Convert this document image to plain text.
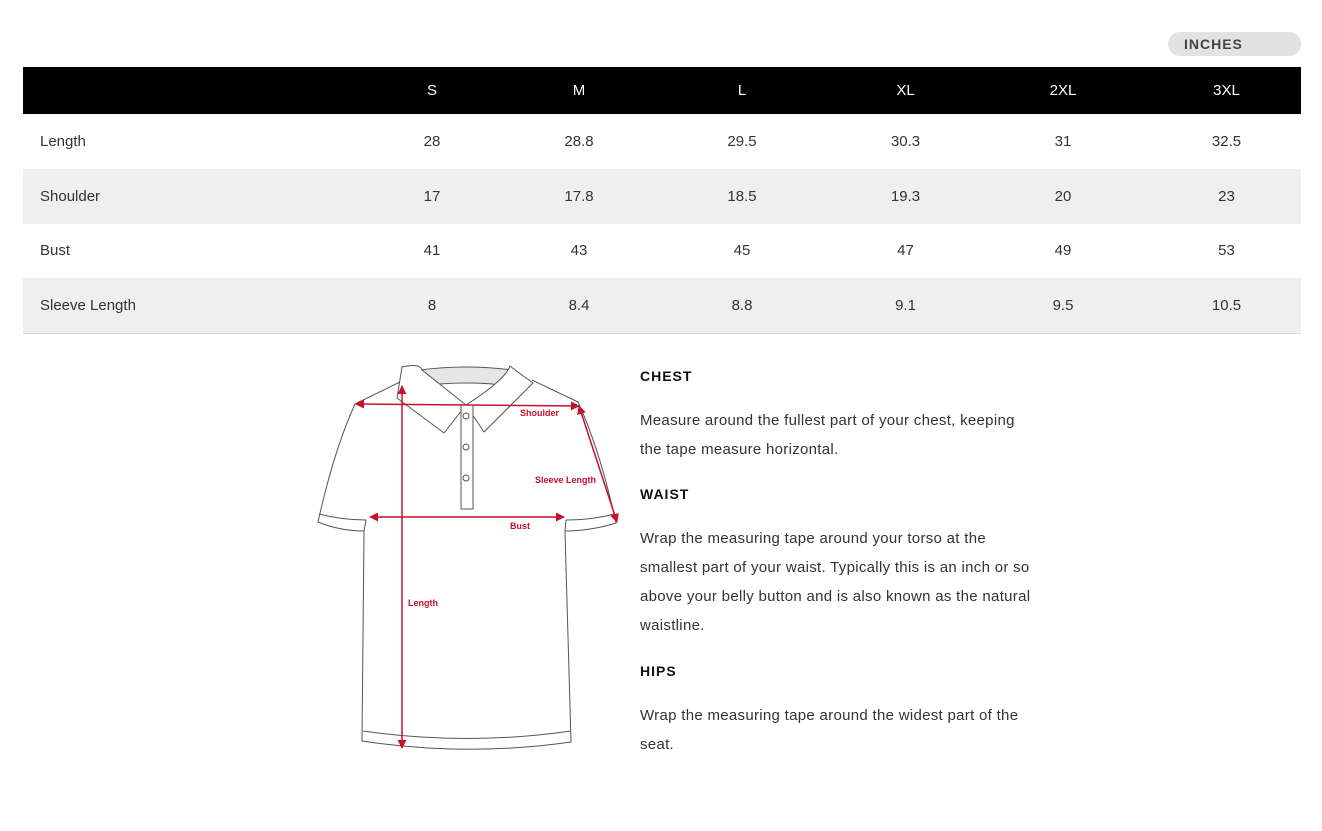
INCHES
	S	M	L	XL	2XL	3XL
Length	28	28.8	29.5	30.3	31	32.5
Shoulder	17	17.8	18.5	19.3	20	23
Bust	41	43	45	47	49	53
Sleeve Length	8	8.4	8.8	9.1	9.5	10.5
Shoulder
Sleeve Length
Bust
Length
CHEST

Measure around the fullest part of your chest, keeping the tape measure horizontal.

WAIST

Wrap the measuring tape around your torso at the smallest part of your waist. Typically this is an inch or so above your belly button and is also known as the natural waistline.

HIPS

Wrap the measuring tape around the widest part of the seat.
